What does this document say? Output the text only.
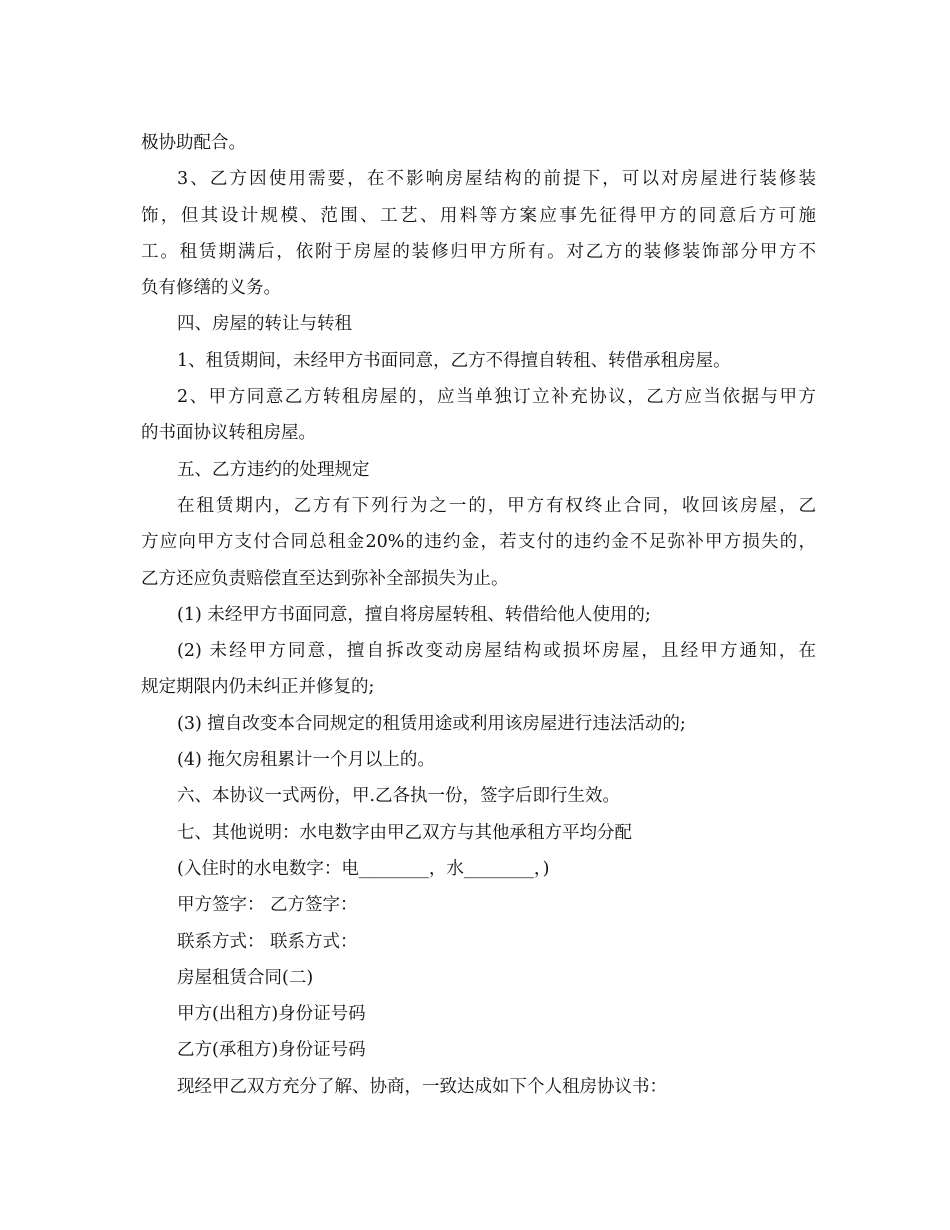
极协助配合。
3、乙方因使用需要，在不影响房屋结构的前提下，可以对房屋进行装修装
饰，但其设计规模、范围、工艺、用料等方案应事先征得甲方的同意后方可施
工。租赁期满后，依附于房屋的装修归甲方所有。对乙方的装修装饰部分甲方不
负有修缮的义务。
四、房屋的转让与转租
1、租赁期间，未经甲方书面同意，乙方不得擅自转租、转借承租房屋。
2、甲方同意乙方转租房屋的，应当单独订立补充协议，乙方应当依据与甲方
的书面协议转租房屋。
五、乙方违约的处理规定
在租赁期内，乙方有下列行为之一的，甲方有权终止合同，收回该房屋，乙
方应向甲方支付合同总租金20%的违约金，若支付的违约金不足弥补甲方损失的，
乙方还应负责赔偿直至达到弥补全部损失为止。
(1) 未经甲方书面同意，擅自将房屋转租、转借给他人使用的;
(2) 未经甲方同意，擅自拆改变动房屋结构或损坏房屋，且经甲方通知，在
规定期限内仍未纠正并修复的;
(3) 擅自改变本合同规定的租赁用途或利用该房屋进行违法活动的;
(4) 拖欠房租累计一个月以上的。
六、本协议一式两份，甲.乙各执一份，签字后即行生效。
七、其他说明：水电数字由甲乙双方与其他承租方平均分配
(入住时的水电数字：电________，水________，)
甲方签字： 乙方签字：
联系方式： 联系方式：
房屋租赁合同(二)
甲方(出租方)身份证号码
乙方(承租方)身份证号码
现经甲乙双方充分了解、协商，一致达成如下个人租房协议书：
